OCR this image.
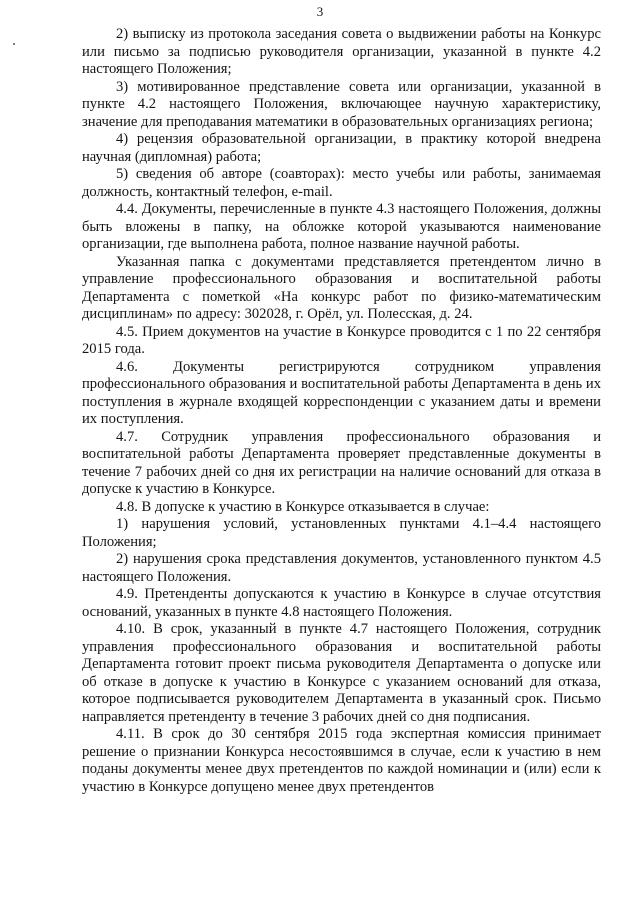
3

2) выписку из протокола заседания совета о выдвижении работы на Конкурс или письмо за подписью руководителя организации, указанной в пункте 4.2 настоящего Положения;

3) мотивированное представление совета или организации, указанной в пункте 4.2 настоящего Положения, включающее научную характеристику, значение для преподавания математики в образовательных организациях региона;

4) рецензия образовательной организации, в практику которой внедрена научная (дипломная) работа;

5) сведения об авторе (соавторах): место учебы или работы, занимаемая должность, контактный телефон, e-mail.

4.4. Документы, перечисленные в пункте 4.3 настоящего Положения, должны быть вложены в папку, на обложке которой указываются наименование организации, где выполнена работа, полное название научной работы.

Указанная папка с документами представляется претендентом лично в управление профессионального образования и воспитательной работы Департамента с пометкой «На конкурс работ по физико-математическим дисциплинам» по адресу: 302028, г. Орёл, ул. Полесская, д. 24.

4.5. Прием документов на участие в Конкурсе проводится с 1 по 22 сентября 2015 года.

4.6. Документы регистрируются сотрудником управления профессионального образования и воспитательной работы Департамента в день их поступления в журнале входящей корреспонденции с указанием даты и времени их поступления.

4.7. Сотрудник управления профессионального образования и воспитательной работы Департамента проверяет представленные документы в течение 7 рабочих дней со дня их регистрации на наличие оснований для отказа в допуске к участию в Конкурсе.

4.8. В допуске к участию в Конкурсе отказывается в случае:

1) нарушения условий, установленных пунктами 4.1–4.4 настоящего Положения;

2) нарушения срока представления документов, установленного пунктом 4.5 настоящего Положения.

4.9. Претенденты допускаются к участию в Конкурсе в случае отсутствия оснований, указанных в пункте 4.8 настоящего Положения.

4.10. В срок, указанный в пункте 4.7 настоящего Положения, сотрудник управления профессионального образования и воспитательной работы Департамента готовит проект письма руководителя Департамента о допуске или об отказе в допуске к участию в Конкурсе с указанием оснований для отказа, которое подписывается руководителем Департамента в указанный срок. Письмо направляется претенденту в течение 3 рабочих дней со дня подписания.

4.11. В срок до 30 сентября 2015 года экспертная комиссия принимает решение о признании Конкурса несостоявшимся в случае, если к участию в нем поданы документы менее двух претендентов по каждой номинации и (или) если к участию в Конкурсе допущено менее двух претендентов
